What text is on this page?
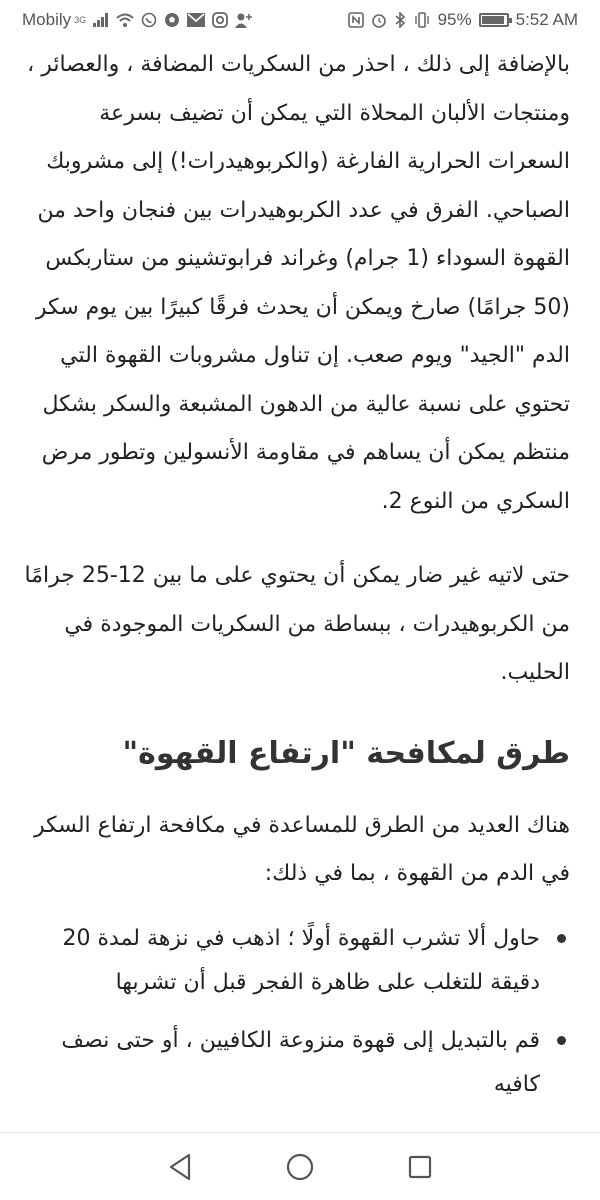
Mobily 3G	95%	5:52 AM

بالإضافة إلى ذلك ، احذر من السكريات المضافة ، والعصائر ، ومنتجات الألبان المحلاة التي يمكن أن تضيف بسرعة السعرات الحرارية الفارغة (والكربوهيدرات!) إلى مشروبك الصباحي. الفرق في عدد الكربوهيدرات بين فنجان واحد من القهوة السوداء (1 جرام) وغراند فرابوتشينو من ستاربكس (50 جرامًا) صارخ ويمكن أن يحدث فرقًا كبيرًا بين يوم سكر الدم "الجيد" ويوم صعب. إن تناول مشروبات القهوة التي تحتوي على نسبة عالية من الدهون المشبعة والسكر بشكل منتظم يمكن أن يساهم في مقاومة الأنسولين وتطور مرض السكري من النوع 2.

حتى لاتيه غير ضار يمكن أن يحتوي على ما بين 12-25 جرامًا من الكربوهيدرات ، ببساطة من السكريات الموجودة في الحليب.

طرق لمكافحة "ارتفاع القهوة"

هناك العديد من الطرق للمساعدة في مكافحة ارتفاع السكر في الدم من القهوة ، بما في ذلك:

حاول ألا تشرب القهوة أولًا ؛ اذهب في نزهة لمدة 20 دقيقة للتغلب على ظاهرة الفجر قبل أن تشربها
قم بالتبديل إلى قهوة منزوعة الكافيين ، أو حتى نصف كافيه
